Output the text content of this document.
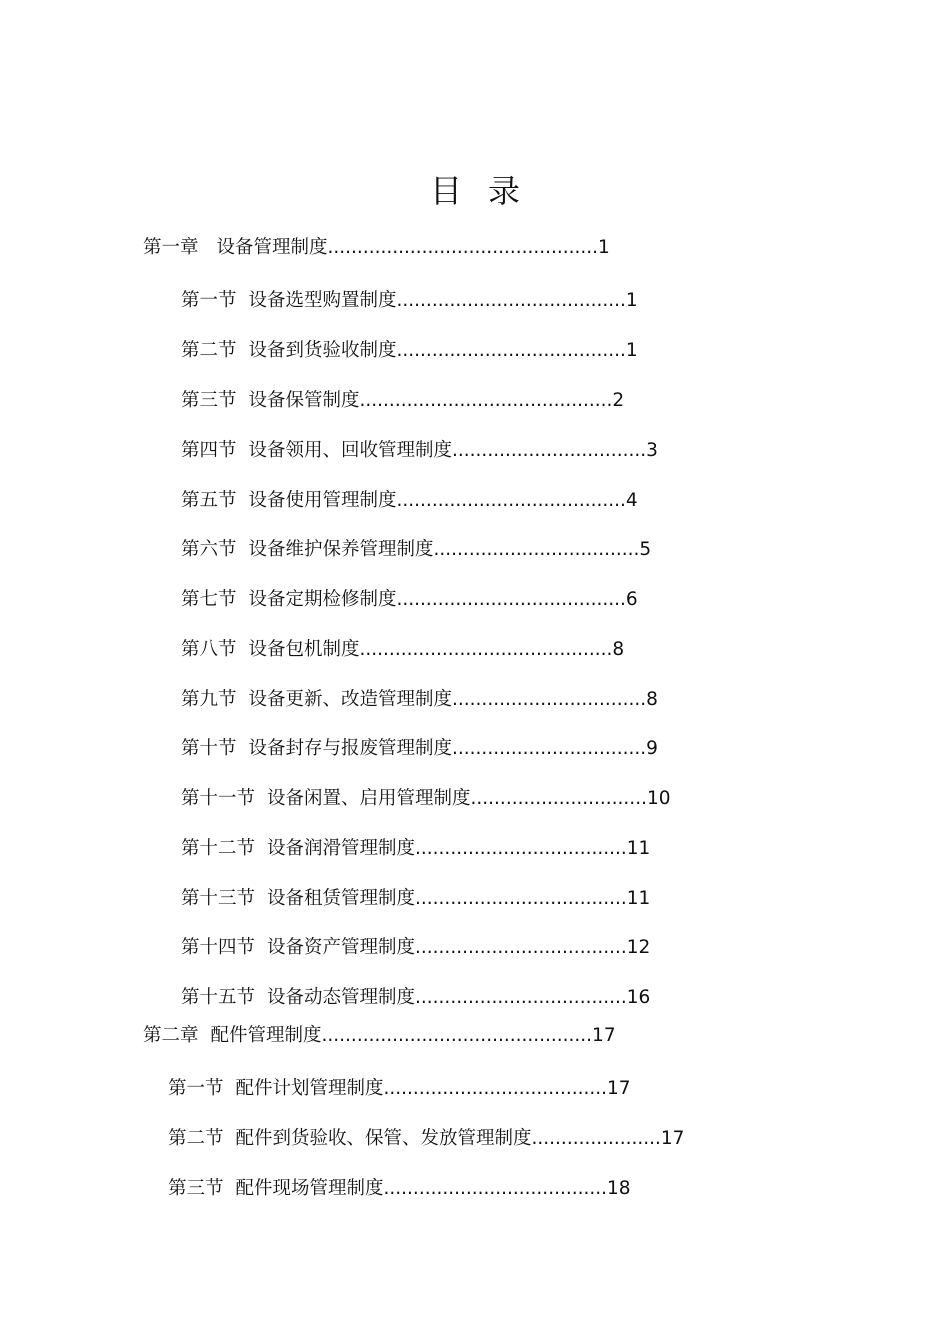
目 录
第一章 设备管理制度..............................................1
第一节 设备选型购置制度.......................................1
第二节 设备到货验收制度.......................................1
第三节 设备保管制度...........................................2
第四节 设备领用、回收管理制度.................................3
第五节 设备使用管理制度.......................................4
第六节 设备维护保养管理制度...................................5
第七节 设备定期检修制度.......................................6
第八节 设备包机制度...........................................8
第九节 设备更新、改造管理制度.................................8
第十节 设备封存与报废管理制度.................................9
第十一节 设备闲置、启用管理制度..............................10
第十二节 设备润滑管理制度....................................11
第十三节 设备租赁管理制度....................................11
第十四节 设备资产管理制度....................................12
第十五节 设备动态管理制度....................................16
第二章 配件管理制度..............................................17
第一节 配件计划管理制度......................................17
第二节 配件到货验收、保管、发放管理制度......................17
第三节 配件现场管理制度......................................18
